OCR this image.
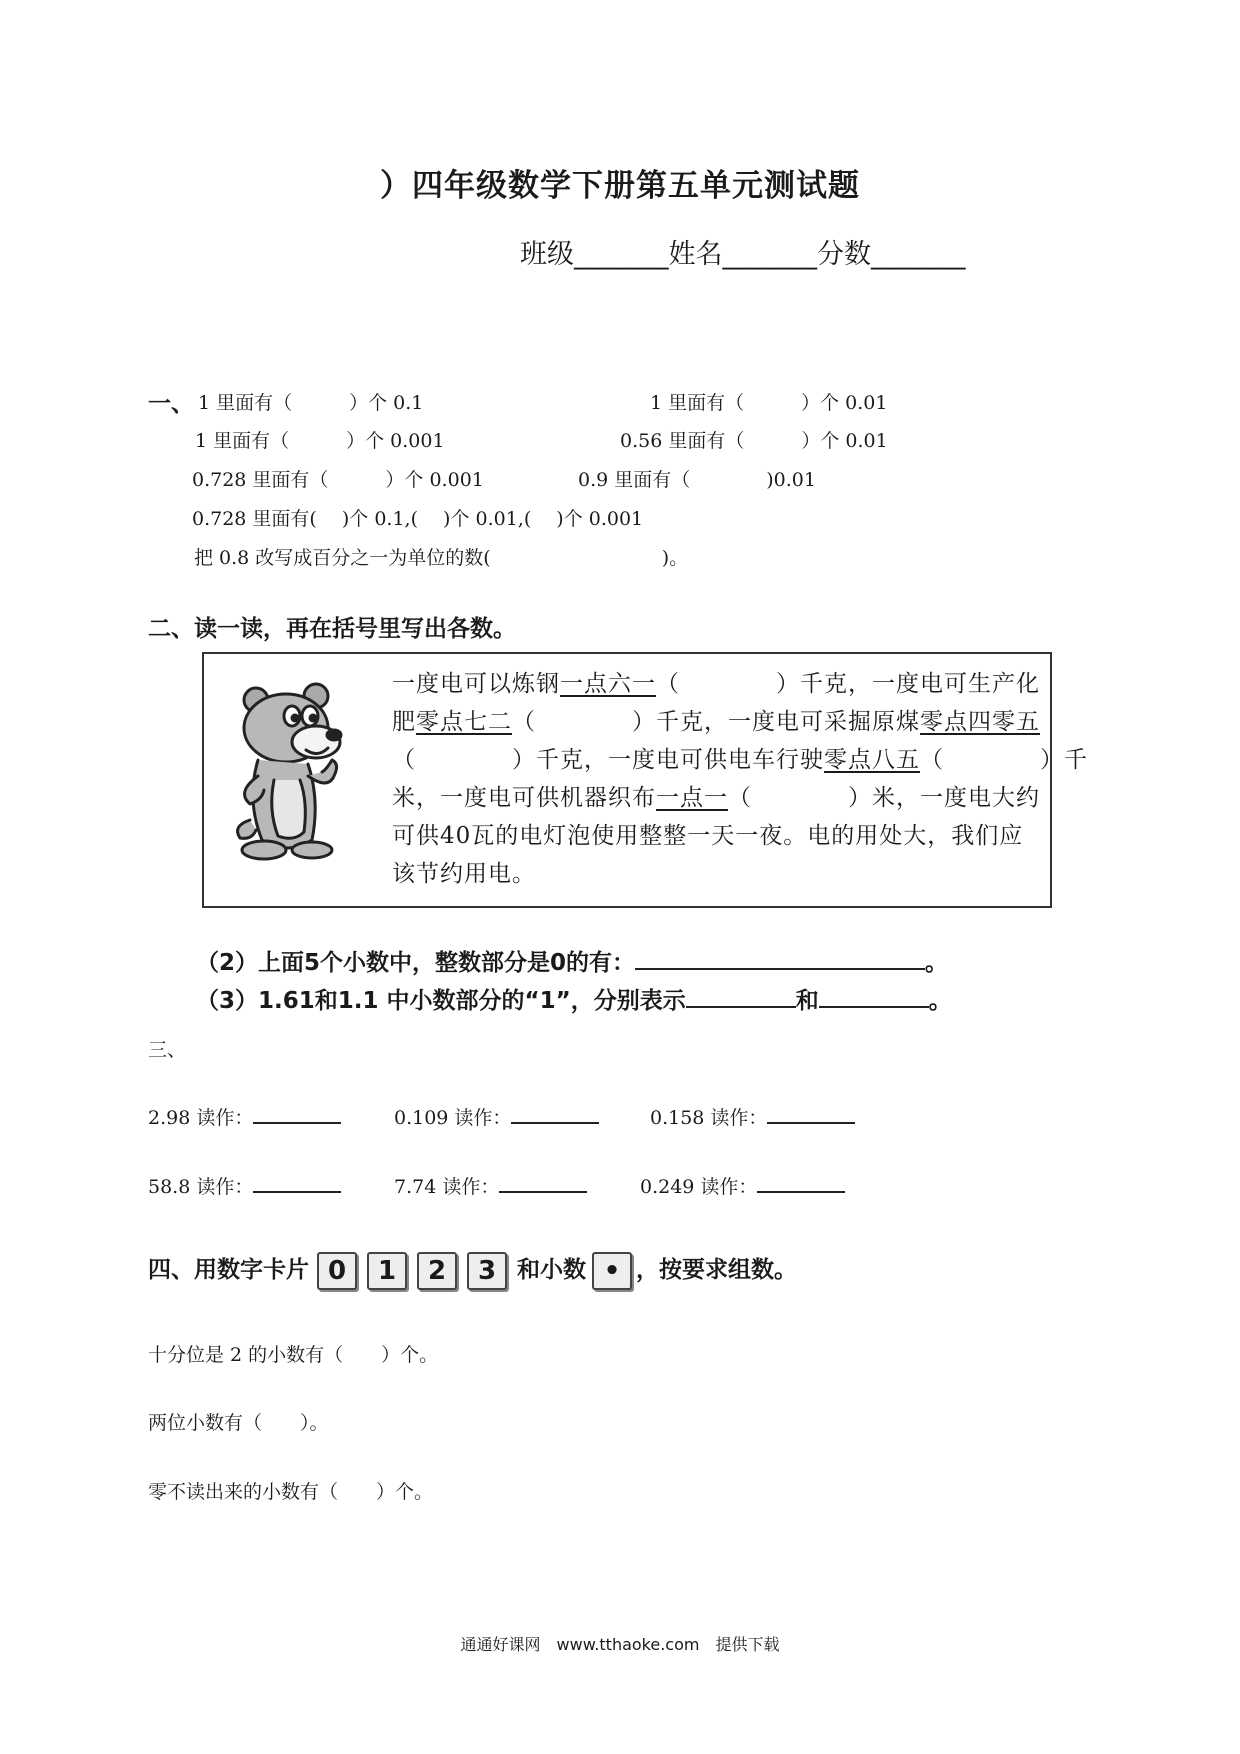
）四年级数学下册第五单元测试题
班级_______姓名_______分数_______
一、 1 里面有（　　　）个 0.1	1 里面有（　　　）个 0.01
1 里面有（　　　）个 0.001	0.56 里面有（　　　）个 0.01
0.728 里面有（　　　）个 0.001	0.9 里面有（　　　　)0.01
0.728 里面有(　 )个 0.1,(　 )个 0.01,(　 )个 0.001
把 0.8 改写成百分之一为单位的数(　　　　　　　　　)。
二、读一读，再在括号里写出各数。
一度电可以炼钢一点六一（　　　　）千克，一度电可生产化
肥零点七二（　　　　）千克，一度电可采掘原煤零点四零五
（　　　　）千克，一度电可供电车行驶零点八五（　　　　）千
米，一度电可供机器织布一点一（　　　　）米，一度电大约
可供40瓦的电灯泡使用整整一天一夜。电的用处大，我们应
该节约用电。
（2）上面5个小数中，整数部分是0的有：	。
（3）1.61和1.1 中小数部分的“1”，分别表示	和	。
三、
2.98 读作：	0.109 读作：	0.158 读作：
58.8 读作：	7.74 读作：	0.249 读作：
四、用数字卡片 0 1 2 3 和小数 • ，按要求组数。
十分位是 2 的小数有（　　）个。
两位小数有（　　）。
零不读出来的小数有（　　）个。
通通好课网　www.tthaoke.com　提供下载
